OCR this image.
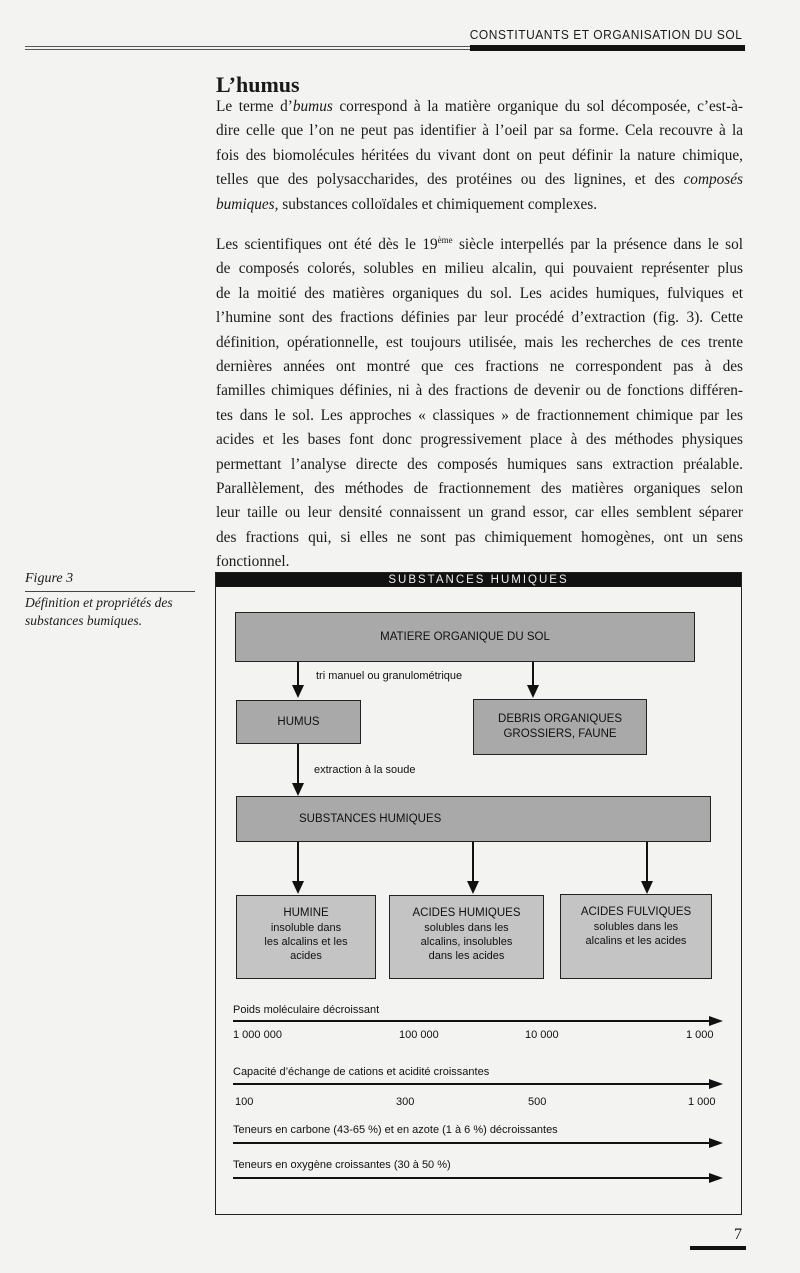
CONSTITUANTS ET ORGANISATION DU SOL
L’humus
Le terme d’bumus correspond à la matière organique du sol décomposée, c’est-à-
dire celle que l’on ne peut pas identifier à l’oeil par sa forme. Cela recouvre à la
fois des biomolécules héritées du vivant dont on peut définir la nature chimique,
telles que des polysaccharides, des protéines ou des lignines, et des composés
bumiques, substances colloïdales et chimiquement complexes.
Les scientifiques ont été dès le 19ème siècle interpellés par la présence dans le sol
de composés colorés, solubles en milieu alcalin, qui pouvaient représenter plus
de la moitié des matières organiques du sol. Les acides humiques, fulviques et
l’humine sont des fractions définies par leur procédé d’extraction (fig. 3). Cette
définition, opérationnelle, est toujours utilisée, mais les recherches de ces trente
dernières années ont montré que ces fractions ne correspondent pas à des
familles chimiques définies, ni à des fractions de devenir ou de fonctions différen-
tes dans le sol. Les approches « classiques » de fractionnement chimique par les
acides et les bases font donc progressivement place à des méthodes physiques
permettant l’analyse directe des composés humiques sans extraction préalable.
Parallèlement, des méthodes de fractionnement des matières organiques selon
leur taille ou leur densité connaissent un grand essor, car elles semblent séparer
des fractions qui, si elles ne sont pas chimiquement homogènes, ont un sens
fonctionnel.
Figure 3
Définition et propriétés des
substances bumiques.
SUBSTANCES HUMIQUES
MATIERE ORGANIQUE DU SOL
tri manuel ou granulométrique
HUMUS	DEBRIS ORGANIQUES
GROSSIERS, FAUNE
extraction à la soude
SUBSTANCES HUMIQUES
HUMINE
insoluble dans
les alcalins et les
acides
ACIDES HUMIQUES
solubles dans les
alcalins, insolubles
dans les acides
ACIDES FULVIQUES
solubles dans les
alcalins et les acides
Poids moléculaire décroissant
1 000 000	100 000	10 000	1 000
Capacité d’échange de cations et acidité croissantes
100	300	500	1 000
Teneurs en carbone (43-65 %) et en azote (1 à 6 %) décroissantes
Teneurs en oxygène croissantes (30 à 50 %)
7
